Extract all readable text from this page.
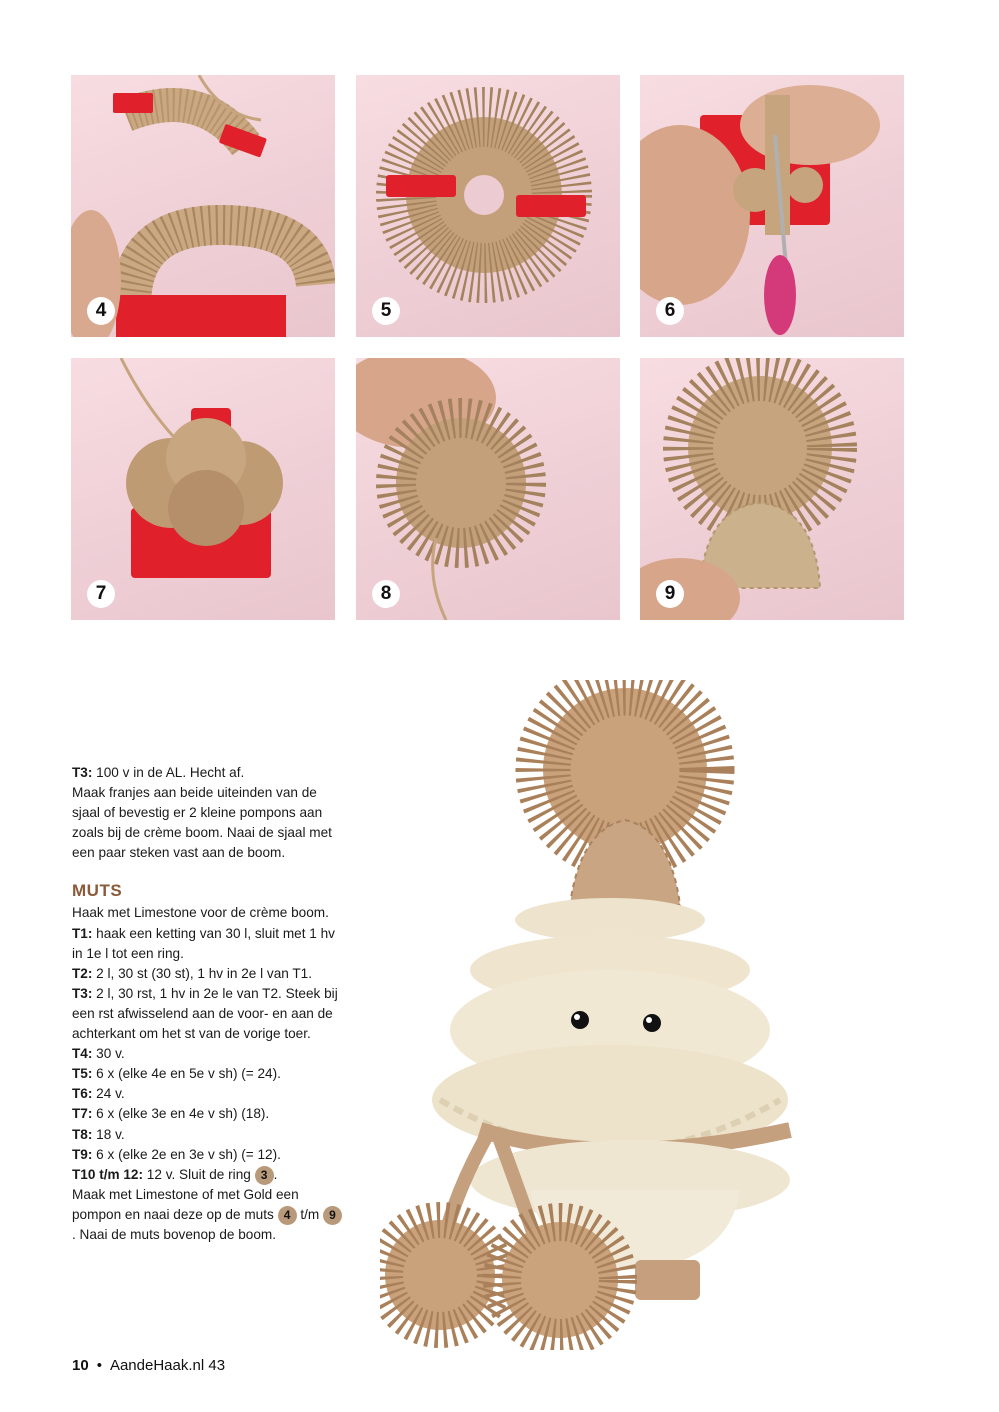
4	5	6
7	8	9

T3: 100 v in de AL. Hecht af.

Maak franjes aan beide uiteinden van de sjaal of bevestig er 2 kleine pompons aan zoals bij de crème boom. Naai de sjaal met een paar steken vast aan de boom.

MUTS

Haak met Limestone voor de crème boom.

T1: haak een ketting van 30 l, sluit met 1 hv in 1e l tot een ring.

T2: 2 l, 30 st (30 st), 1 hv in 2e l van T1.

T3: 2 l, 30 rst, 1 hv in 2e le van T2. Steek bij een rst afwisselend aan de voor- en aan de achterkant om het st van de vorige toer.

T4: 30 v.

T5: 6 x (elke 4e en 5e v sh) (= 24).

T6: 24 v.

T7: 6 x (elke 3e en 4e v sh) (18).

T8: 18 v.

T9: 6 x (elke 2e en 3e v sh) (= 12).

T10 t/m 12: 12 v. Sluit de ring 3 .

Maak met Limestone of met Gold een pompon en naai deze op de muts 4 t/m 9. Naai de muts bovenop de boom.

10 • AandeHaak.nl 43
